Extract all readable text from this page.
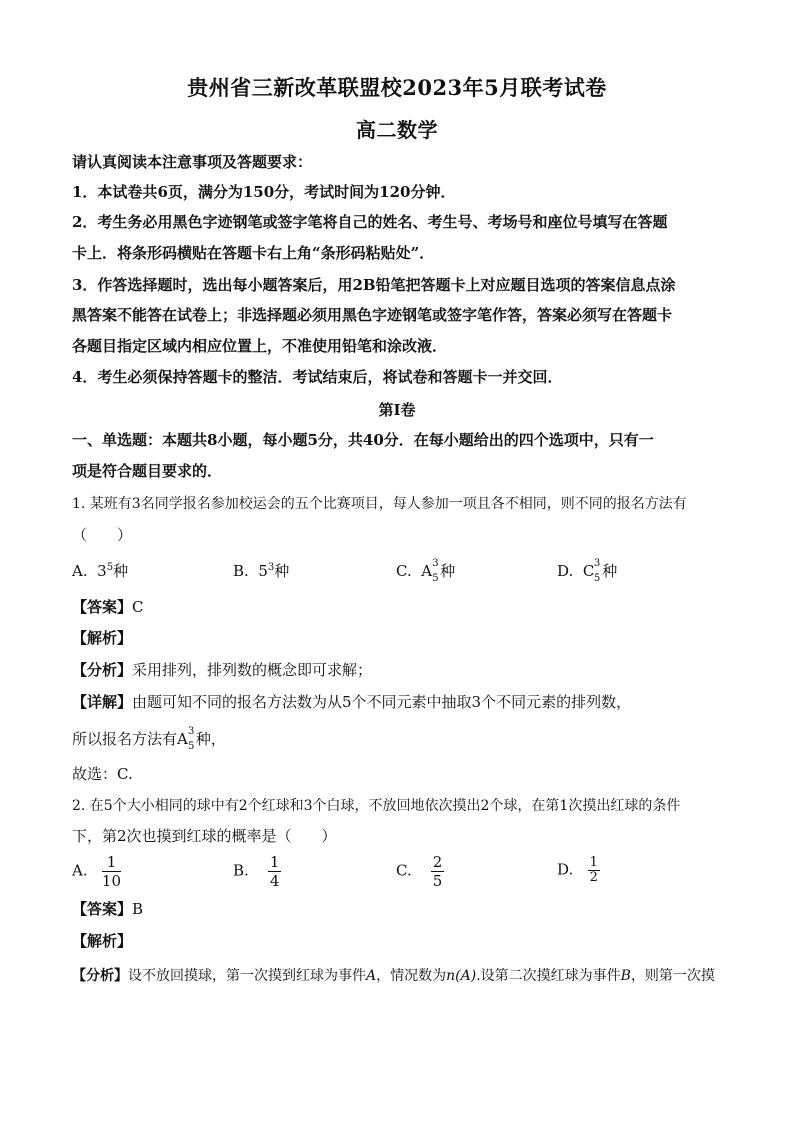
贵州省三新改革联盟校2023年5月联考试卷
高二数学
请认真阅读本注意事项及答题要求：
1．本试卷共6页，满分为150分，考试时间为120分钟．
2．考生务必用黑色字迹钢笔或签字笔将自己的姓名、考生号、考场号和座位号填写在答题
卡上．将条形码横贴在答题卡右上角“条形码粘贴处”．
3．作答选择题时，选出每小题答案后，用2B铅笔把答题卡上对应题目选项的答案信息点涂
黑答案不能答在试卷上；非选择题必须用黑色字迹钢笔或签字笔作答，答案必须写在答题卡
各题目指定区域内相应位置上，不准使用铅笔和涂改液．
4．考生必须保持答题卡的整洁．考试结束后，将试卷和答题卡一并交回．
第Ⅰ卷
一、单选题：本题共8小题，每小题5分，共40分．在每小题给出的四个选项中，只有一
项是符合题目要求的．
1. 某班有3名同学报名参加校运会的五个比赛项目，每人参加一项且各不相同，则不同的报名方法有
（　　）
A. $3^5$种	B. $5^3$种	C. A 3
5 种	D. C 3
5 种
【答案】C
【解析】
【分析】采用排列，排列数的概念即可求解；
【详解】由题可知不同的报名方法数为从5个不同元素中抽取3个不同元素的排列数，
所以报名方法有A 3
5 种，
故选：C.
2. 在5个大小相同的球中有2个红球和3个白球，不放回地依次摸出2个球，在第1次摸出红球的条件
下，第2次也摸到红球的概率是（　　）
A. $\frac{1}{10}$	B. $\frac{1}{4}$	C. $\frac{2}{5}$	D. $\frac{1}{2}$
【答案】B
【解析】
【分析】设不放回摸球，第一次摸到红球为事件A，情况数为n(A).设第二次摸红球为事件B，则第一次摸
